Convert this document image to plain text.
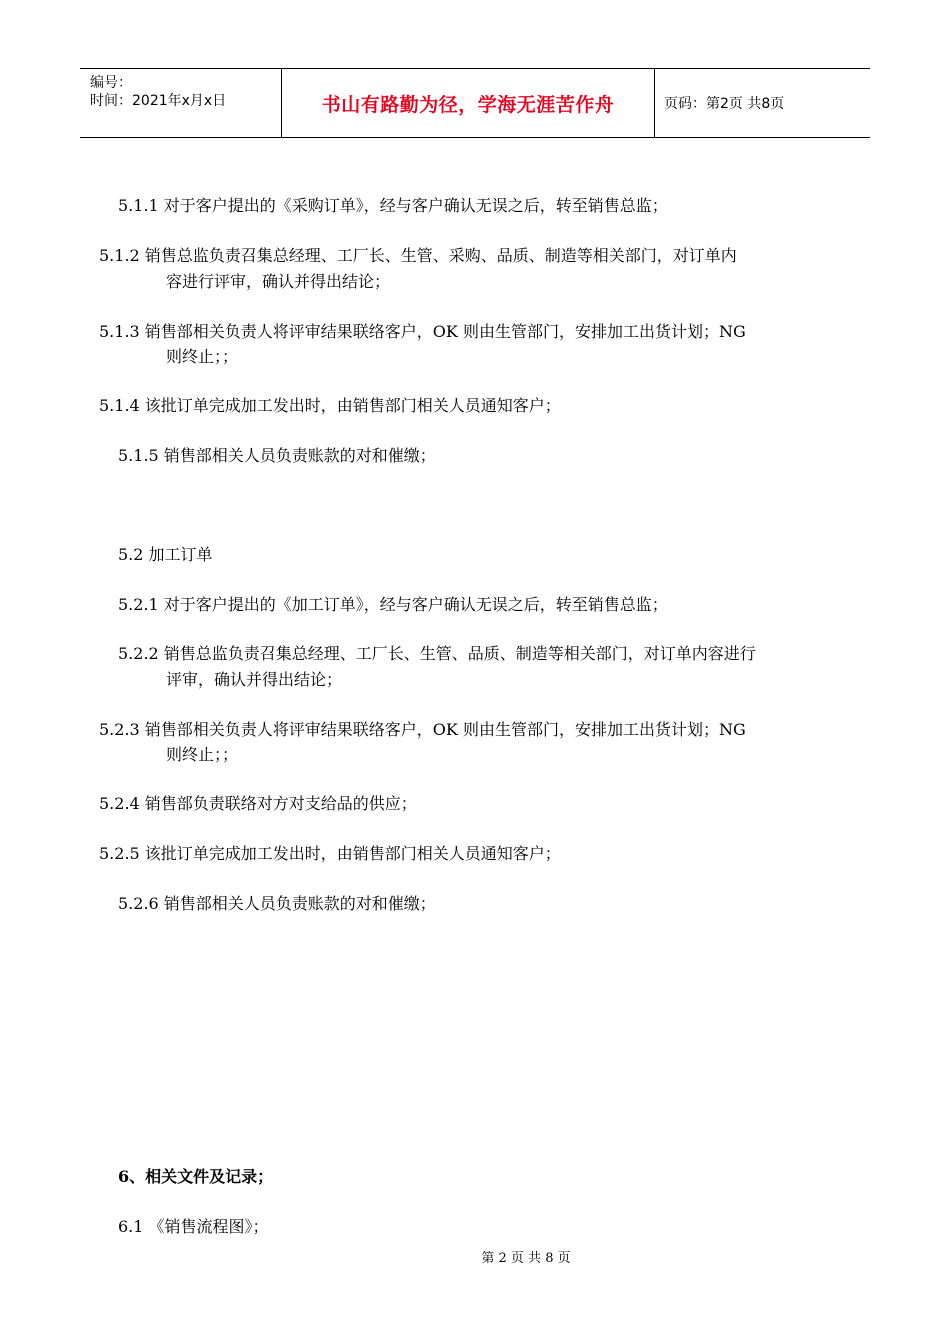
编号：
时间：2021年x月x日	书山有路勤为径，学海无涯苦作舟	页码：第2页 共8页
5.1.1 对于客户提出的《采购订单》，经与客户确认无误之后，转至销售总监；
5.1.2 销售总监负责召集总经理、工厂长、生管、采购、品质、制造等相关部门，对订单内
容进行评审，确认并得出结论；
5.1.3 销售部相关负责人将评审结果联络客户，OK 则由生管部门，安排加工出货计划；NG
则终止；；
5.1.4 该批订单完成加工发出时，由销售部门相关人员通知客户；
5.1.5 销售部相关人员负责账款的对和催缴；
5.2 加工订单
5.2.1 对于客户提出的《加工订单》，经与客户确认无误之后，转至销售总监；
5.2.2 销售总监负责召集总经理、工厂长、生管、品质、制造等相关部门，对订单内容进行
评审，确认并得出结论；
5.2.3 销售部相关负责人将评审结果联络客户，OK 则由生管部门，安排加工出货计划；NG
则终止；；
5.2.4 销售部负责联络对方对支给品的供应；
5.2.5 该批订单完成加工发出时，由销售部门相关人员通知客户；
5.2.6 销售部相关人员负责账款的对和催缴；
6、相关文件及记录；
6.1 《销售流程图》；
第 2 页 共 8 页
